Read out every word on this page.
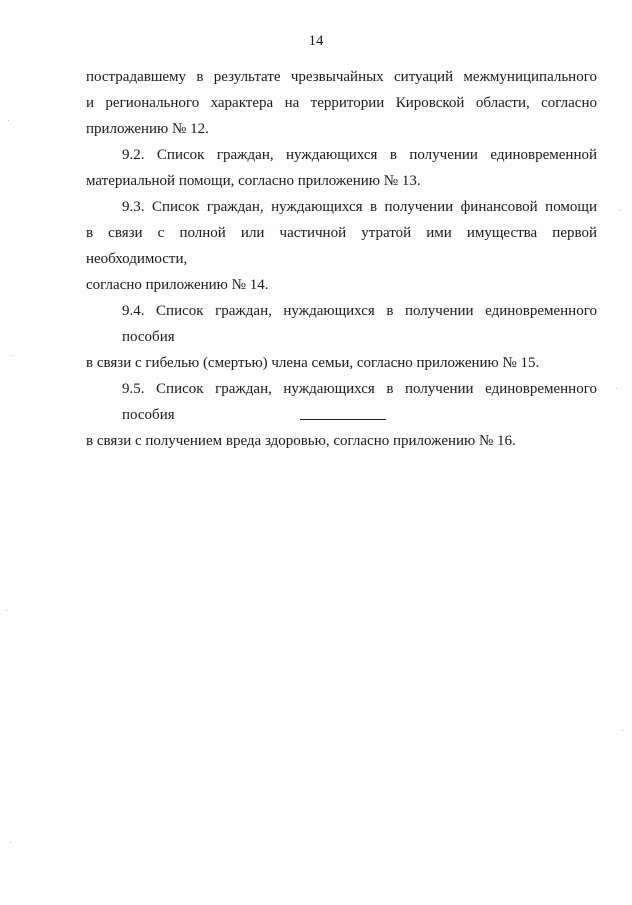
14

пострадавшему в результате чрезвычайных ситуаций межмуниципального
и регионального характера на территории Кировской области, согласно
приложению № 12.

9.2. Список граждан, нуждающихся в получении единовременной
материальной помощи, согласно приложению № 13.

9.3. Список граждан, нуждающихся в получении финансовой помощи
в связи с полной или частичной утратой ими имущества первой необходимости,
согласно приложению № 14.

9.4. Список граждан, нуждающихся в получении единовременного пособия
в связи с гибелью (смертью) члена семьи, согласно приложению № 15.

9.5. Список граждан, нуждающихся в получении единовременного пособия
в связи с получением вреда здоровью, согласно приложению № 16.
